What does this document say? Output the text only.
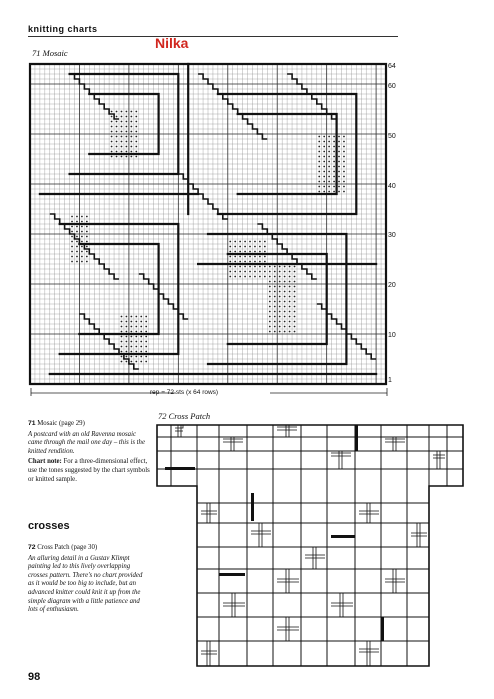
knitting charts
Nilka
71 Mosaic
64
60
50
40
30
20
10
1
rep = 72 sts (x 64 rows)
72 Cross Patch

71 Mosaic (page 29)

A postcard with an old Ravenna mosaic came through the mail one day – this is the knitted rendition.

Chart note: For a three-dimensional effect, use the tones suggested by the chart symbols or knitted sample.

crosses

72 Cross Patch (page 30)

An alluring detail in a Gustav Klimpt painting led to this lively overlapping crosses pattern. There's no chart provided as it would be too big to include, but an advanced knitter could knit it up from the simple diagram with a little patience and lots of enthusiasm.

98
